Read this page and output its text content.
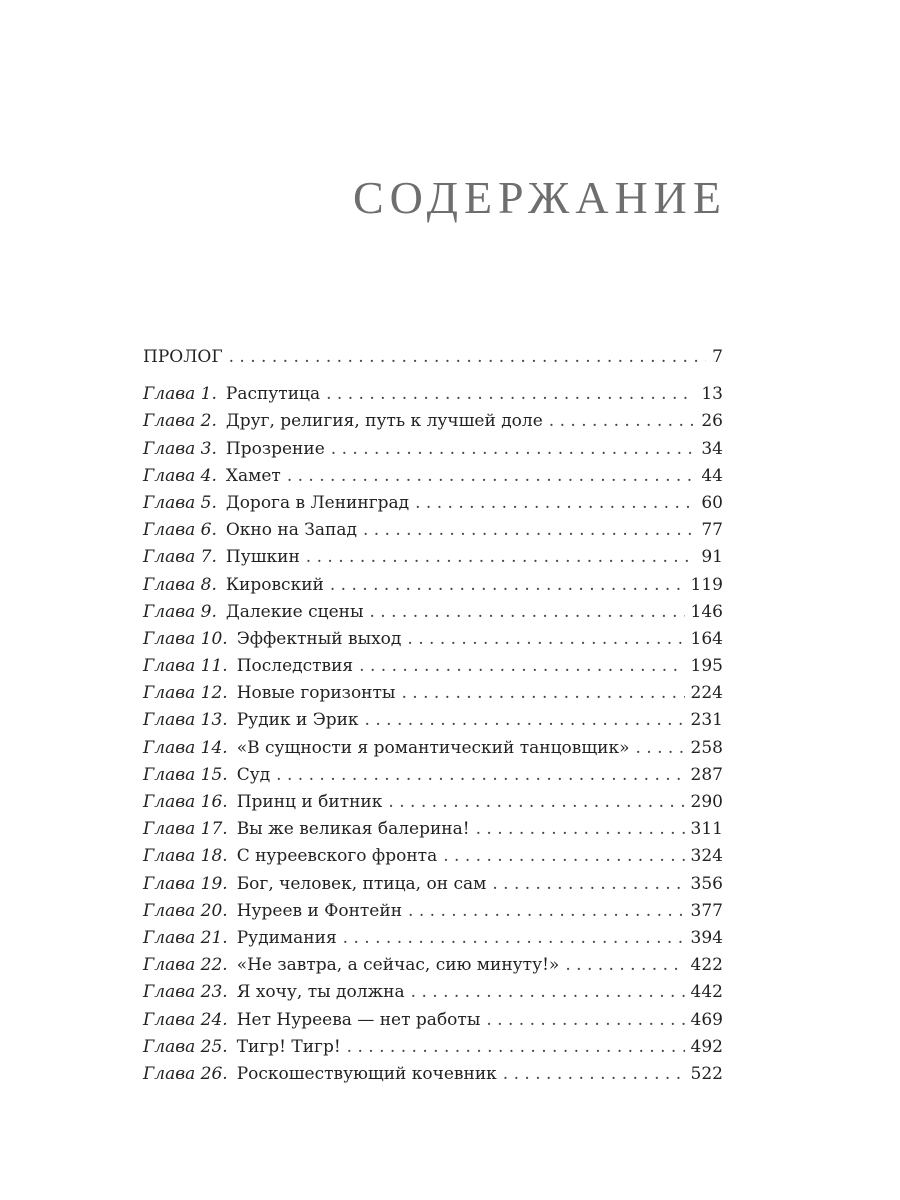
СОДЕРЖАНИЕ
ПРОЛОГ . . .	7
Глава 1. Распутица . . .	13
Глава 2. Друг, религия, путь к лучшей доле . . .	26
Глава 3. Прозрение . . .	34
Глава 4. Хамет . . .	44
Глава 5. Дорога в Ленинград . . .	60
Глава 6. Окно на Запад . . .	77
Глава 7. Пушкин . . .	91
Глава 8. Кировский . . .	119
Глава 9. Далекие сцены . . .	146
Глава 10. Эффектный выход . . .	164
Глава 11. Последствия . . .	195
Глава 12. Новые горизонты . . .	224
Глава 13. Рудик и Эрик . . .	231
Глава 14. «В сущности я романтический танцовщик» . . .	258
Глава 15. Суд . . .	287
Глава 16. Принц и битник . . .	290
Глава 17. Вы же великая балерина! . . .	311
Глава 18. С нуреевского фронта . . .	324
Глава 19. Бог, человек, птица, он сам . . .	356
Глава 20. Нуреев и Фонтейн . . .	377
Глава 21. Рудимания . . .	394
Глава 22. «Не завтра, а сейчас, сию минуту!» . . .	422
Глава 23. Я хочу, ты должна . . .	442
Глава 24. Нет Нуреева — нет работы . . .	469
Глава 25. Тигр! Тигр! . . .	492
Глава 26. Роскошествующий кочевник . . .	522
